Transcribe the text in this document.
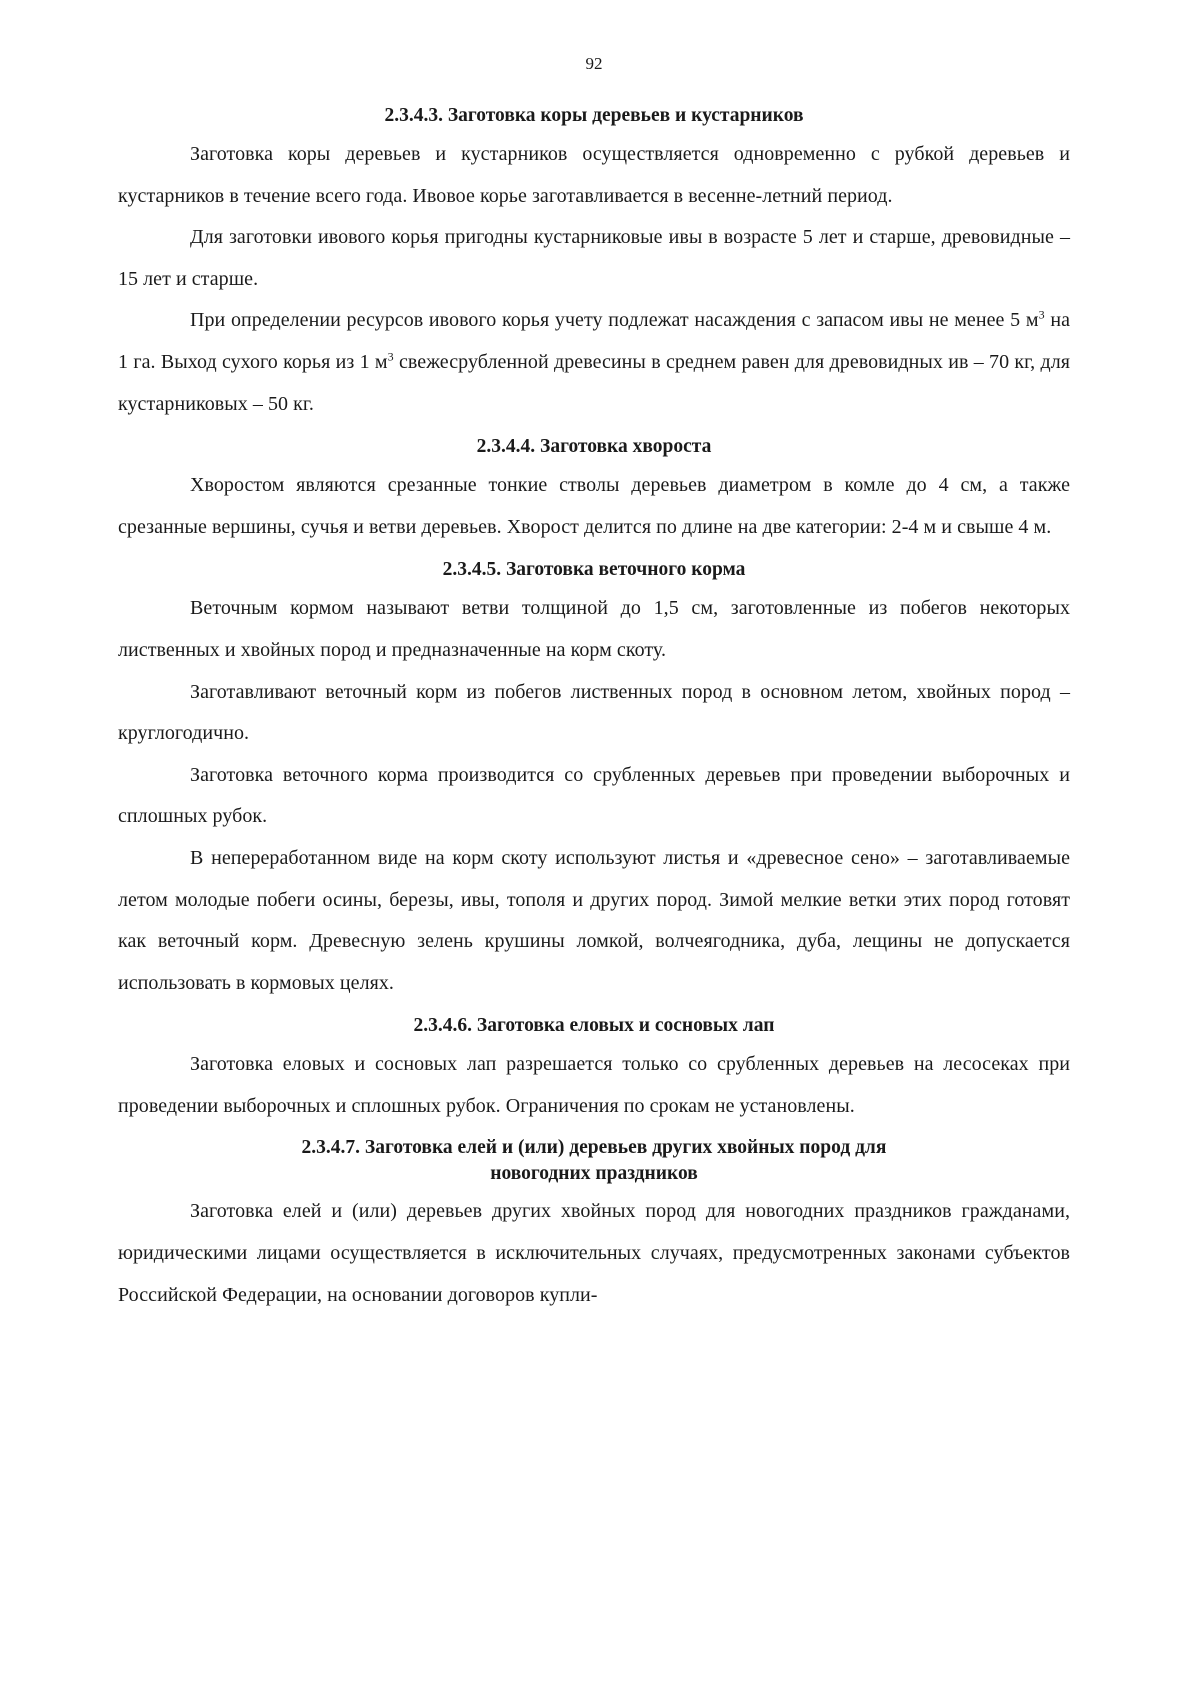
92
2.3.4.3. Заготовка коры деревьев и кустарников

Заготовка коры деревьев и кустарников осуществляется одновременно с рубкой деревьев и кустарников в течение всего года. Ивовое корье заготавливается в весенне-летний период.

Для заготовки ивового корья пригодны кустарниковые ивы в возрасте 5 лет и старше, древовидные – 15 лет и старше.

При определении ресурсов ивового корья учету подлежат насаждения с запасом ивы не менее 5 $м^3$ на 1 га. Выход сухого корья из 1 $м^3$ свежесрубленной древесины в среднем равен для древовидных ив – 70 кг, для кустарниковых – 50 кг.

2.3.4.4. Заготовка хвороста

Хворостом являются срезанные тонкие стволы деревьев диаметром в комле до 4 см, а также срезанные вершины, сучья и ветви деревьев. Хворост делится по длине на две категории: 2-4 м и свыше 4 м.

2.3.4.5. Заготовка веточного корма

Веточным кормом называют ветви толщиной до 1,5 см, заготовленные из побегов некоторых лиственных и хвойных пород и предназначенные на корм скоту.

Заготавливают веточный корм из побегов лиственных пород в основном летом, хвойных пород – круглогодично.

Заготовка веточного корма производится со срубленных деревьев при проведении выборочных и сплошных рубок.

В непереработанном виде на корм скоту используют листья и «древесное сено» – заготавливаемые летом молодые побеги осины, березы, ивы, тополя и других пород. Зимой мелкие ветки этих пород готовят как веточный корм. Древесную зелень крушины ломкой, волчеягодника, дуба, лещины не допускается использовать в кормовых целях.

2.3.4.6. Заготовка еловых и сосновых лап

Заготовка еловых и сосновых лап разрешается только со срубленных деревьев на лесосеках при проведении выборочных и сплошных рубок. Ограничения по срокам не установлены.

2.3.4.7. Заготовка елей и (или) деревьев других хвойных пород для
новогодних праздников

Заготовка елей и (или) деревьев других хвойных пород для новогодних праздников гражданами, юридическими лицами осуществляется в исключительных случаях, предусмотренных законами субъектов Российской Федерации, на основании договоров купли-
